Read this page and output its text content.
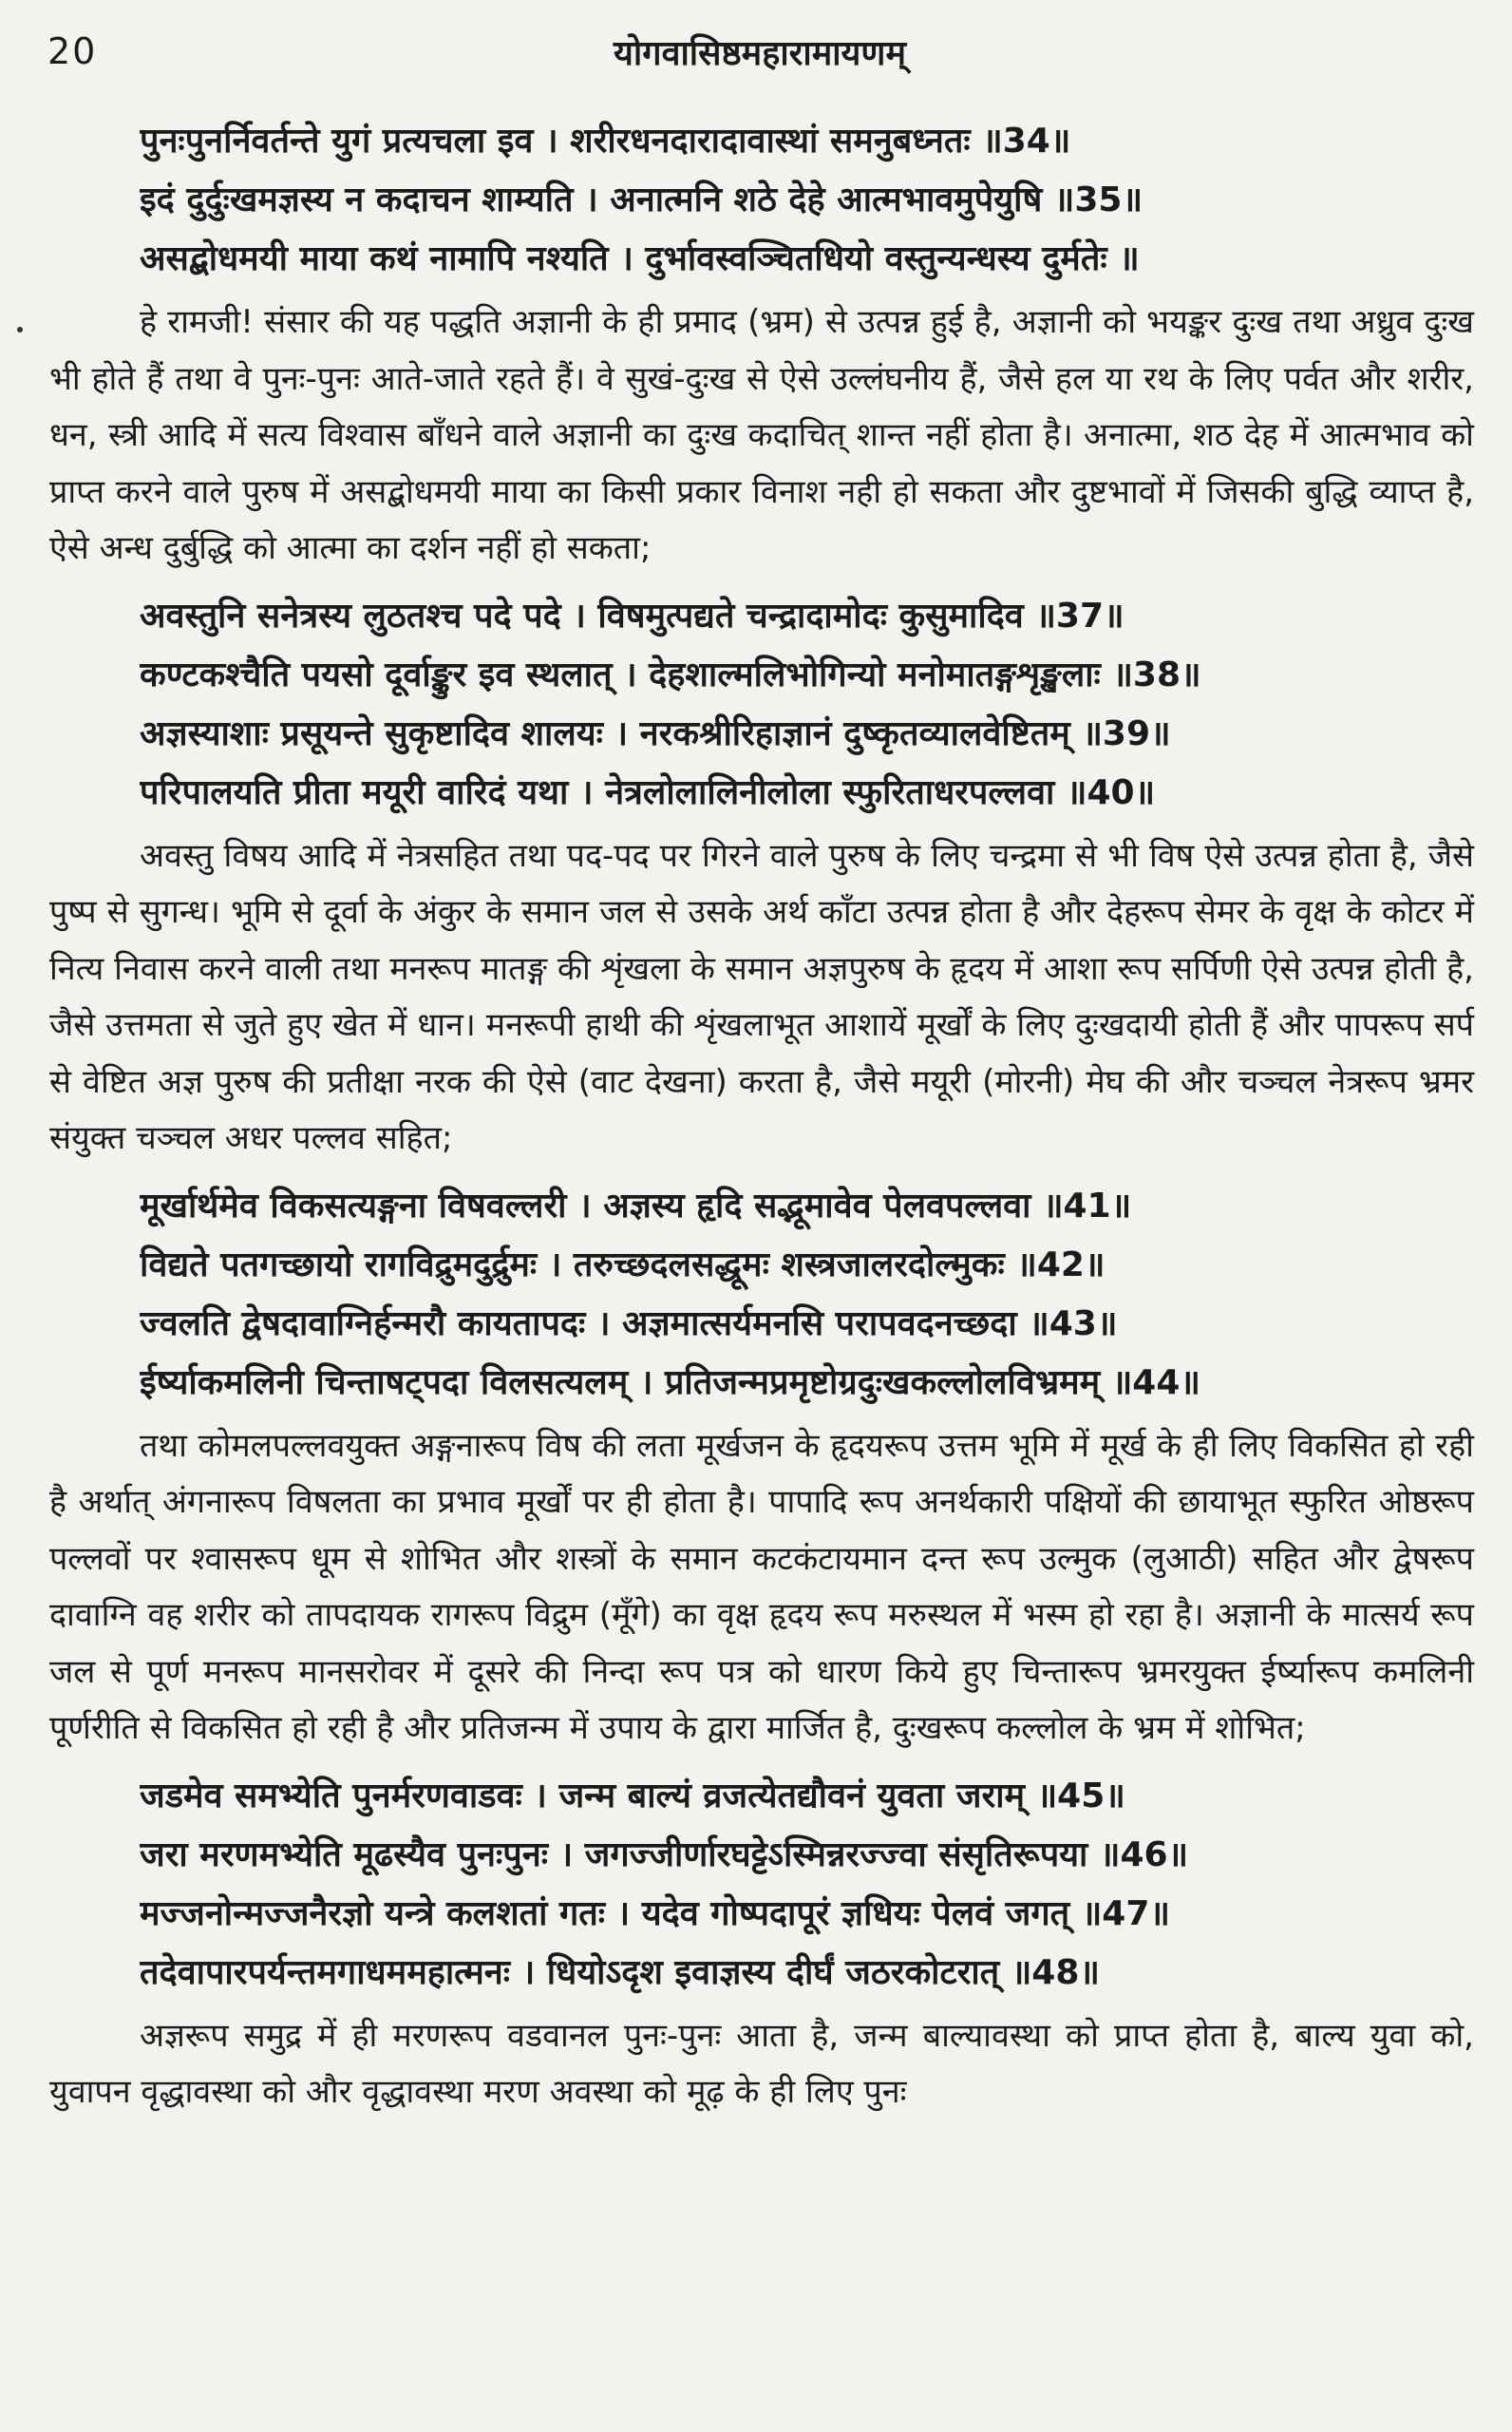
20	योगवासिष्ठमहारामायणम्
पुनःपुनर्निवर्तन्ते युगं प्रत्यचला इव । शरीरधनदारादावास्थां समनुबध्नतः ॥34॥
इदं दुर्दुःखमज्ञस्य न कदाचन शाम्यति । अनात्मनि शठे देहे आत्मभावमुपेयुषि ॥35॥
असद्बोधमयी माया कथं नामापि नश्यति । दुर्भावस्वञ्चितधियो वस्तुन्यन्धस्य दुर्मतेः ॥

हे रामजी! संसार की यह पद्धति अज्ञानी के ही प्रमाद (भ्रम) से उत्पन्न हुई है, अज्ञानी को भयङ्कर दुःख तथा अध्रुव दुःख भी होते हैं तथा वे पुनः-पुनः आते-जाते रहते हैं। वे सुखं-दुःख से ऐसे उल्लंघनीय हैं, जैसे हल या रथ के लिए पर्वत और शरीर, धन, स्त्री आदि में सत्य विश्वास बाँधने वाले अज्ञानी का दुःख कदाचित् शान्त नहीं होता है। अनात्मा, शठ देह में आत्मभाव को प्राप्त करने वाले पुरुष में असद्बोधमयी माया का किसी प्रकार विनाश नही हो सकता और दुष्टभावों में जिसकी बुद्धि व्याप्त है, ऐसे अन्ध दुर्बुद्धि को आत्मा का दर्शन नहीं हो सकता;

अवस्तुनि सनेत्रस्य लुठतश्च पदे पदे । विषमुत्पद्यते चन्द्रादामोदः कुसुमादिव ॥37॥
कण्टकश्चैति पयसो दूर्वाङ्कुर इव स्थलात् । देहशाल्मलिभोगिन्यो मनोमातङ्गशृङ्खलाः ॥38॥
अज्ञस्याशाः प्रसूयन्ते सुकृष्टादिव शालयः । नरकश्रीरिहाज्ञानं दुष्कृतव्यालवेष्टितम् ॥39॥
परिपालयति प्रीता मयूरी वारिदं यथा । नेत्रलोलालिनीलोला स्फुरिताधरपल्लवा ॥40॥

अवस्तु विषय आदि में नेत्रसहित तथा पद-पद पर गिरने वाले पुरुष के लिए चन्द्रमा से भी विष ऐसे उत्पन्न होता है, जैसे पुष्प से सुगन्ध। भूमि से दूर्वा के अंकुर के समान जल से उसके अर्थ काँटा उत्पन्न होता है और देहरूप सेमर के वृक्ष के कोटर में नित्य निवास करने वाली तथा मनरूप मातङ्ग की शृंखला के समान अज्ञपुरुष के हृदय में आशा रूप सर्पिणी ऐसे उत्पन्न होती है, जैसे उत्तमता से जुते हुए खेत में धान। मनरूपी हाथी की शृंखलाभूत आशायें मूर्खों के लिए दुःखदायी होती हैं और पापरूप सर्प से वेष्टित अज्ञ पुरुष की प्रतीक्षा नरक की ऐसे (वाट देखना) करता है, जैसे मयूरी (मोरनी) मेघ की और चञ्चल नेत्ररूप भ्रमर संयुक्त चञ्चल अधर पल्लव सहित;

मूर्खार्थमेव विकसत्यङ्गना विषवल्लरी । अज्ञस्य हृदि सद्भूमावेव पेलवपल्लवा ॥41॥
विद्यते पतगच्छायो रागविद्रुमदुर्द्रुमः । तरुच्छदलसद्धूमः शस्त्रजालरदोल्मुकः ॥42॥
ज्वलति द्वेषदावाग्निर्हन्मरौ कायतापदः । अज्ञमात्सर्यमनसि परापवदनच्छदा ॥43॥
ईर्ष्याकमलिनी चिन्ताषट्पदा विलसत्यलम् । प्रतिजन्मप्रमृष्टोग्रदुःखकल्लोलविभ्रमम् ॥44॥

तथा कोमलपल्लवयुक्त अङ्गनारूप विष की लता मूर्खजन के हृदयरूप उत्तम भूमि में मूर्ख के ही लिए विकसित हो रही है अर्थात् अंगनारूप विषलता का प्रभाव मूर्खों पर ही होता है। पापादि रूप अनर्थकारी पक्षियों की छायाभूत स्फुरित ओष्ठरूप पल्लवों पर श्वासरूप धूम से शोभित और शस्त्रों के समान कटकंटायमान दन्त रूप उल्मुक (लुआठी) सहित और द्वेषरूप दावाग्नि वह शरीर को तापदायक रागरूप विद्रुम (मूँगे) का वृक्ष हृदय रूप मरुस्थल में भस्म हो रहा है। अज्ञानी के मात्सर्य रूप जल से पूर्ण मनरूप मानसरोवर में दूसरे की निन्दा रूप पत्र को धारण किये हुए चिन्तारूप भ्रमरयुक्त ईर्ष्यारूप कमलिनी पूर्णरीति से विकसित हो रही है और प्रतिजन्म में उपाय के द्वारा मार्जित है, दुःखरूप कल्लोल के भ्रम में शोभित;

जडमेव समभ्येति पुनर्मरणवाडवः । जन्म बाल्यं व्रजत्येतद्यौवनं युवता जराम् ॥45॥
जरा मरणमभ्येति मूढस्यैव पुनःपुनः । जगज्जीर्णारघट्टेऽस्मिन्नरज्ज्वा संसृतिरूपया ॥46॥
मज्जनोन्मज्जनैरज्ञो यन्त्रे कलशतां गतः । यदेव गोष्पदापूरं ज्ञधियः पेलवं जगत् ॥47॥
तदेवापारपर्यन्तमगाधममहात्मनः । धियोऽदृश इवाज्ञस्य दीर्घं जठरकोटरात् ॥48॥

अज्ञरूप समुद्र में ही मरणरूप वडवानल पुनः-पुनः आता है, जन्म बाल्यावस्था को प्राप्त होता है, बाल्य युवा को, युवापन वृद्धावस्था को और वृद्धावस्था मरण अवस्था को मूढ़ के ही लिए पुनः
